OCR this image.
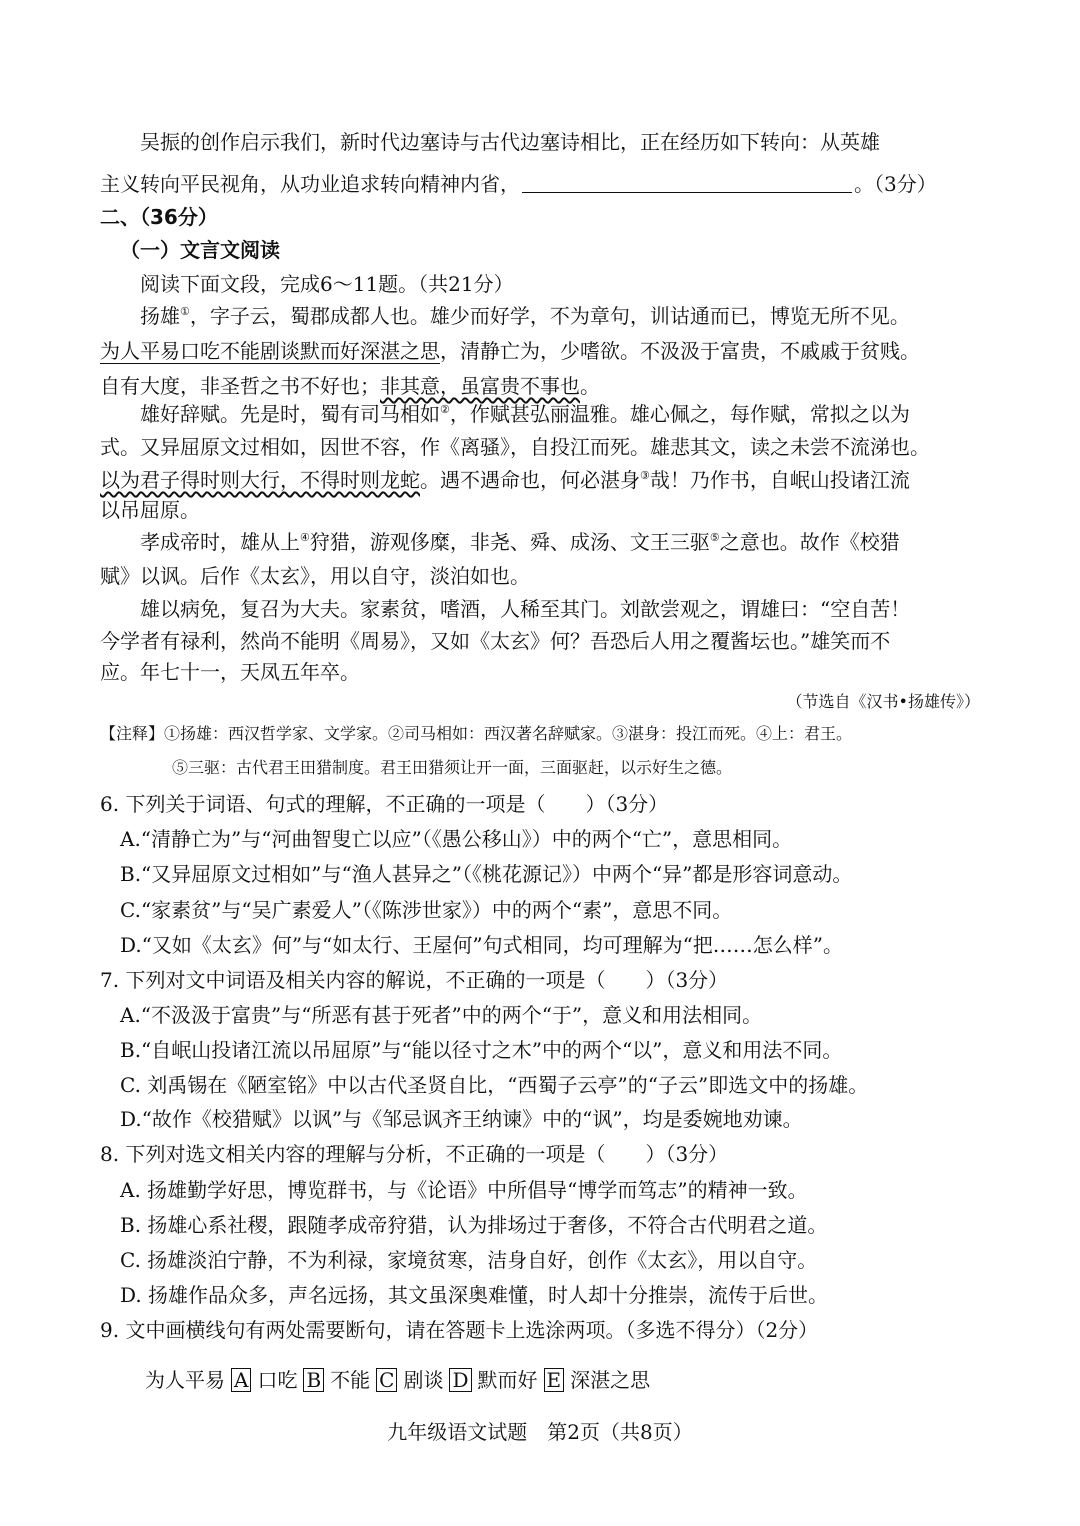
吴振的创作启示我们，新时代边塞诗与古代边塞诗相比，正在经历如下转向：从英雄
主义转向平民视角，从功业追求转向精神内省，	。（3分）
二、（36分）
（一）文言文阅读
阅读下面文段，完成6～11题。（共21分）
扬雄①，字子云，蜀郡成都人也。雄少而好学，不为章句，训诂通而已，博览无所不见。
为人平易口吃不能剧谈默而好深湛之思，清静亡为，少嗜欲。不汲汲于富贵，不戚戚于贫贱。
自有大度，非圣哲之书不好也；非其意，虽富贵不事也。
雄好辞赋。先是时，蜀有司马相如②，作赋甚弘丽温雅。雄心佩之，每作赋，常拟之以为
式。又异屈原文过相如，因世不容，作《离骚》，自投江而死。雄悲其文，读之未尝不流涕也。
以为君子得时则大行，不得时则龙蛇。遇不遇命也，何必湛身③哉！乃作书，自岷山投诸江流
以吊屈原。
孝成帝时，雄从上④狩猎，游观侈糜，非尧、舜、成汤、文王三驱⑤之意也。故作《校猎
赋》以讽。后作《太玄》，用以自守，淡泊如也。
雄以病免，复召为大夫。家素贫，嗜酒，人稀至其门。刘歆尝观之，谓雄曰：“空自苦！
今学者有禄利，然尚不能明《周易》，又如《太玄》何？吾恐后人用之覆酱坛也。”雄笑而不
应。年七十一，天凤五年卒。
（节选自《汉书•扬雄传》）
【注释】①扬雄：西汉哲学家、文学家。②司马相如：西汉著名辞赋家。③湛身：投江而死。④上：君王。
⑤三驱：古代君王田猎制度。君王田猎须让开一面，三面驱赶，以示好生之德。
6. 下列关于词语、句式的理解，不正确的一项是（　　）（3分）
A.“清静亡为”与“河曲智叟亡以应”（《愚公移山》）中的两个“亡”，意思相同。
B.“又异屈原文过相如”与“渔人甚异之”（《桃花源记》）中两个“异”都是形容词意动。
C.“家素贫”与“吴广素爱人”（《陈涉世家》）中的两个“素”，意思不同。
D.“又如《太玄》何”与“如太行、王屋何”句式相同，均可理解为“把……怎么样”。
7. 下列对文中词语及相关内容的解说，不正确的一项是（　　）（3分）
A.“不汲汲于富贵”与“所恶有甚于死者”中的两个“于”，意义和用法相同。
B.“自岷山投诸江流以吊屈原”与“能以径寸之木”中的两个“以”，意义和用法不同。
C. 刘禹锡在《陋室铭》中以古代圣贤自比，“西蜀子云亭”的“子云”即选文中的扬雄。
D.“故作《校猎赋》以讽”与《邹忌讽齐王纳谏》中的“讽”，均是委婉地劝谏。
8. 下列对选文相关内容的理解与分析，不正确的一项是（　　）（3分）
A. 扬雄勤学好思，博览群书，与《论语》中所倡导“博学而笃志”的精神一致。
B. 扬雄心系社稷，跟随孝成帝狩猎，认为排场过于奢侈，不符合古代明君之道。
C. 扬雄淡泊宁静，不为利禄，家境贫寒，洁身自好，创作《太玄》，用以自守。
D. 扬雄作品众多，声名远扬，其文虽深奥难懂，时人却十分推崇，流传于后世。
9. 文中画横线句有两处需要断句，请在答题卡上选涂两项。（多选不得分）（2分）
为人平易 A 口吃 B 不能 C 剧谈 D 默而好 E 深湛之思
九年级语文试题　第2页（共8页）
